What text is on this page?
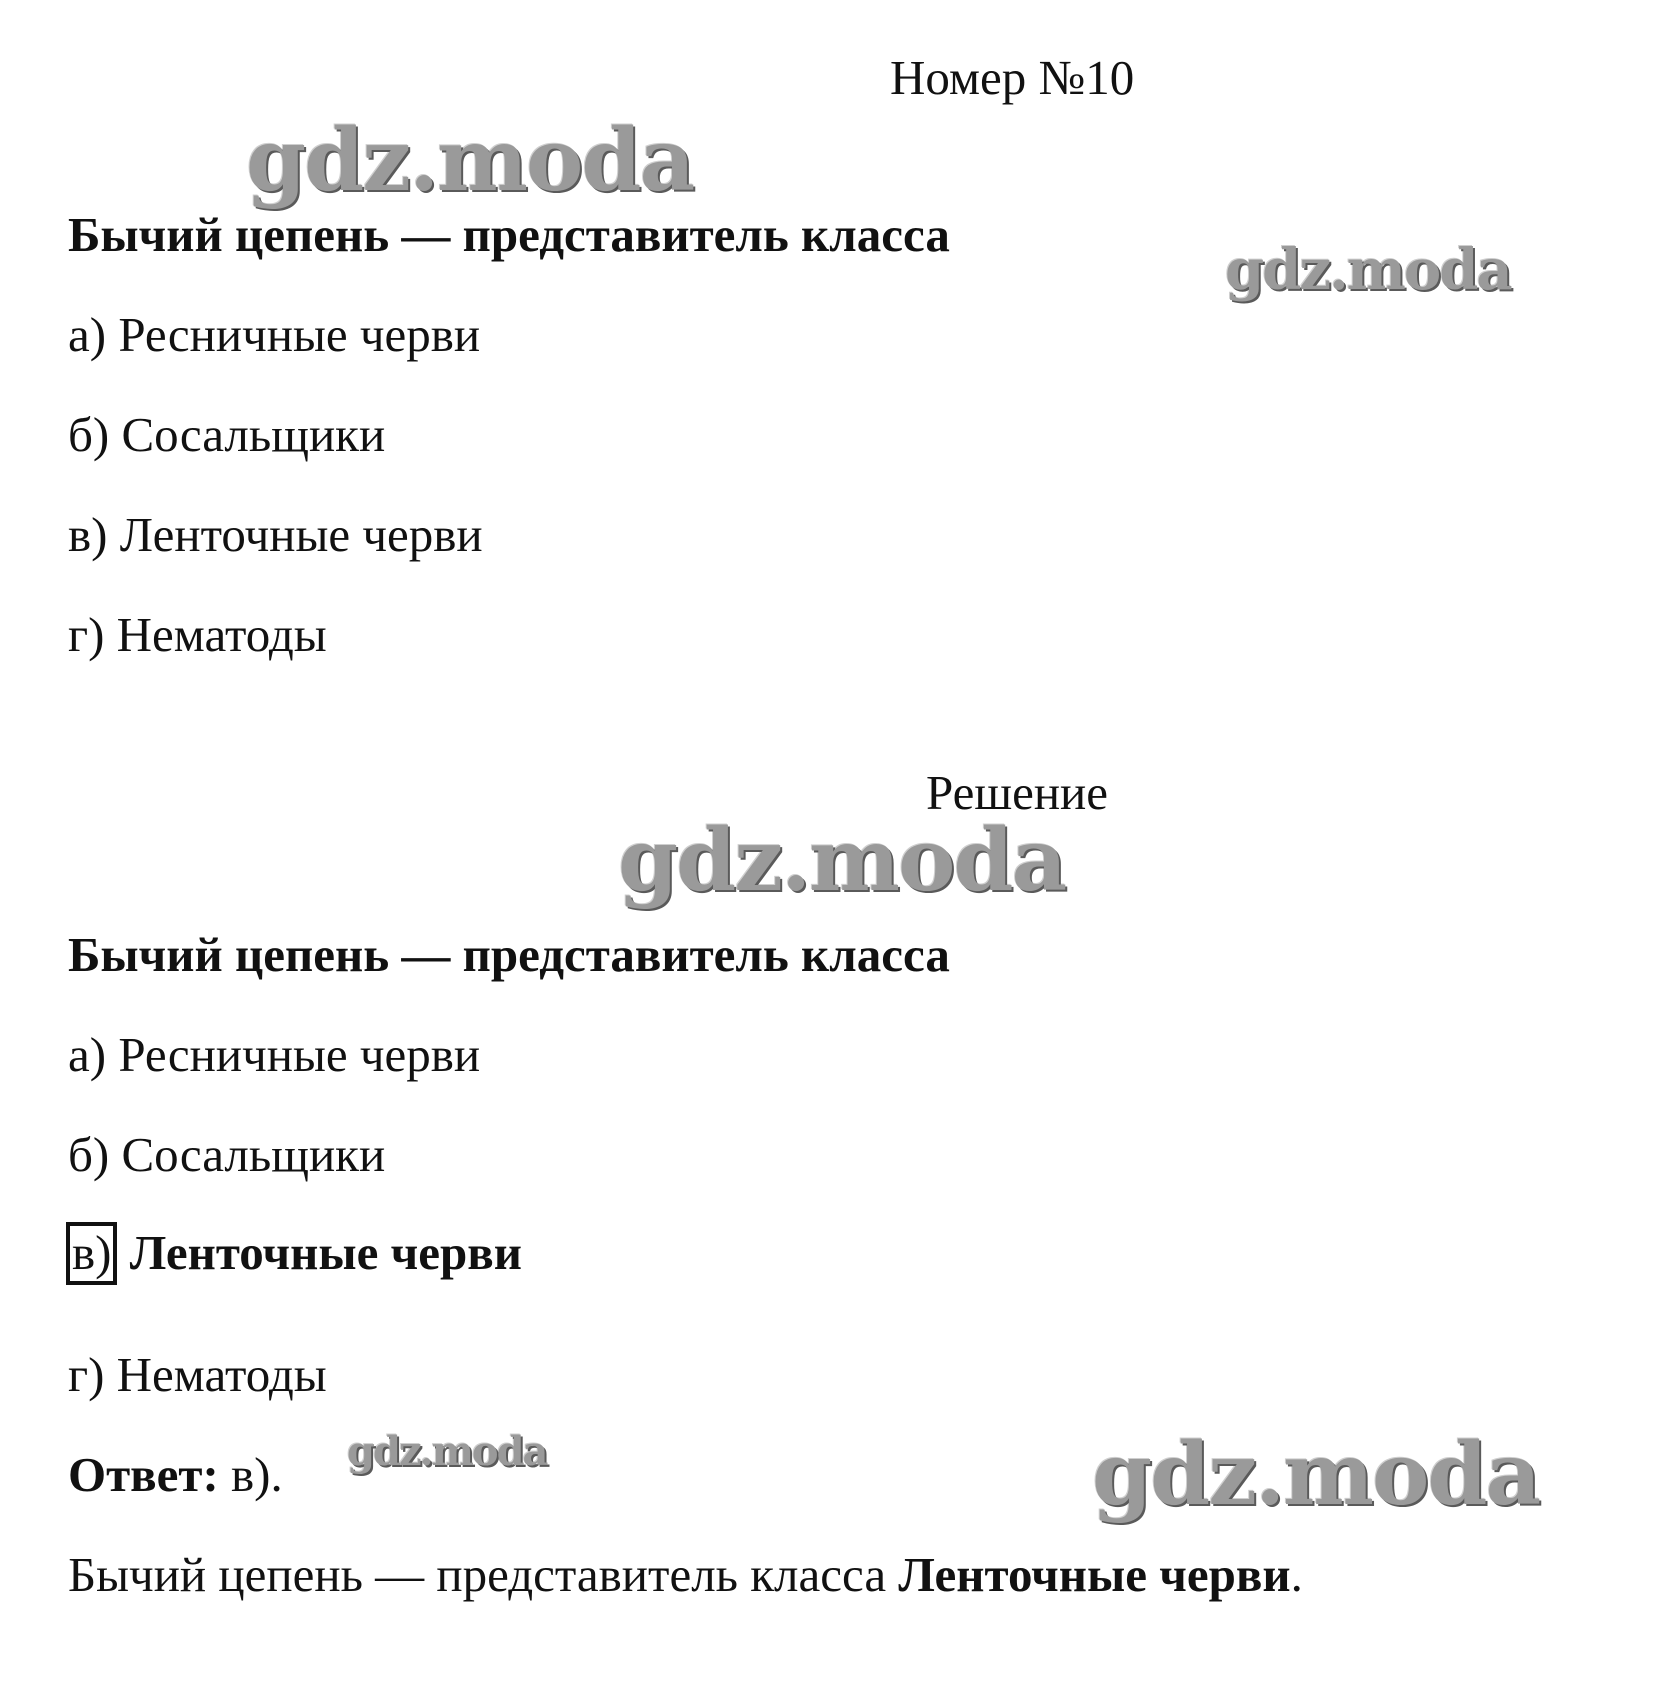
Номер №10
Бычий цепень — представитель класса
а) Ресничные черви
б) Сосальщики
в) Ленточные черви
г) Нематоды
Решение
Бычий цепень — представитель класса
а) Ресничные черви
б) Сосальщики
в) Ленточные черви
г) Нематоды
Ответ: в).
Бычий цепень — представитель класса Ленточные черви.
gdz.moda
gdz.moda
gdz.moda
gdz.moda	gdz.moda
